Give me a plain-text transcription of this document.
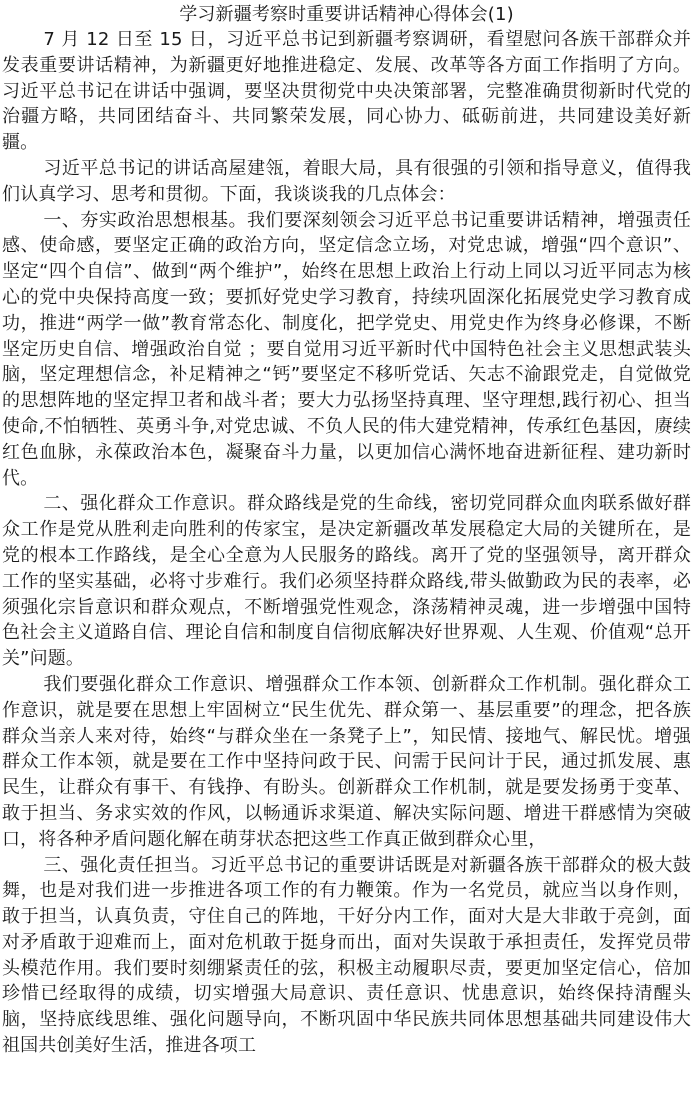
学习新疆考察时重要讲话精神心得体会(1)

7 月 12 日至 15 日，习近平总书记到新疆考察调研，看望慰问各族干部群众并发表重要讲话精神，为新疆更好地推进稳定、发展、改革等各方面工作指明了方向。习近平总书记在讲话中强调，要坚决贯彻党中央决策部署，完整准确贯彻新时代党的治疆方略，共同团结奋斗、共同繁荣发展，同心协力、砥砺前进，共同建设美好新疆。

习近平总书记的讲话高屋建瓴，着眼大局，具有很强的引领和指导意义，值得我们认真学习、思考和贯彻。下面，我谈谈我的几点体会：

一、夯实政治思想根基。我们要深刻领会习近平总书记重要讲话精神，增强责任感、使命感，要坚定正确的政治方向，坚定信念立场，对党忠诚，增强“四个意识”、坚定“四个自信”、做到“两个维护”，始终在思想上政治上行动上同以习近平同志为核心的党中央保持高度一致；要抓好党史学习教育，持续巩固深化拓展党史学习教育成功，推进“两学一做”教育常态化、制度化，把学党史、用党史作为终身必修课，不断坚定历史自信、增强政治自觉 ；要自觉用习近平新时代中国特色社会主义思想武装头脑，坚定理想信念，补足精神之“钙”要坚定不移听党话、矢志不渝跟党走，自觉做党的思想阵地的坚定捍卫者和战斗者；要大力弘扬坚持真理、坚守理想,践行初心、担当使命,不怕牺牲、英勇斗争,对党忠诚、不负人民的伟大建党精神，传承红色基因，赓续红色血脉，永葆政治本色，凝聚奋斗力量，以更加信心满怀地奋进新征程、建功新时代。

二、强化群众工作意识。群众路线是党的生命线，密切党同群众血肉联系做好群众工作是党从胜利走向胜利的传家宝，是决定新疆改革发展稳定大局的关键所在，是 党的根本工作路线，是全心全意为人民服务的路线。离开了党的坚强领导，离开群众工作的坚实基础，必将寸步难行。我们必须坚持群众路线,带头做勤政为民的表率，必须强化宗旨意识和群众观点，不断增强党性观念，涤荡精神灵魂，进一步增强中国特色社会主义道路自信、理论自信和制度自信彻底解决好世界观、人生观、价值观“总开关”问题。

我们要强化群众工作意识、增强群众工作本领、创新群众工作机制。强化群众工作意识，就是要在思想上牢固树立“民生优先、群众第一、基层重要”的理念，把各族群众当亲人来对待，始终“与群众坐在一条凳子上”，知民情、接地气、解民忧。增强群众工作本领，就是要在工作中坚持问政于民、问需于民问计于民，通过抓发展、惠民生，让群众有事干、有钱挣、有盼头。创新群众工作机制，就是要发扬勇于变革、敢于担当、务求实效的作风，以畅通诉求渠道、解决实际问题、增进干群感情为突破口，将各种矛盾问题化解在萌芽状态把这些工作真正做到群众心里，

三、强化责任担当。习近平总书记的重要讲话既是对新疆各族干部群众的极大鼓舞，也是对我们进一步推进各项工作的有力鞭策。作为一名党员，就应当以身作则，敢于担当，认真负责，守住自己的阵地，干好分内工作，面对大是大非敢于亮剑，面对矛盾敢于迎难而上，面对危机敢于挺身而出，面对失误敢于承担责任，发挥党员带头模范作用。我们要时刻绷紧责任的弦，积极主动履职尽责，要更加坚定信心，倍加珍惜已经取得的成绩，切实增强大局意识、责任意识、忧患意识，始终保持清醒头脑，坚持底线思维、强化问题导向，不断巩固中华民族共同体思想基础共同建设伟大祖国共创美好生活，推进各项工
